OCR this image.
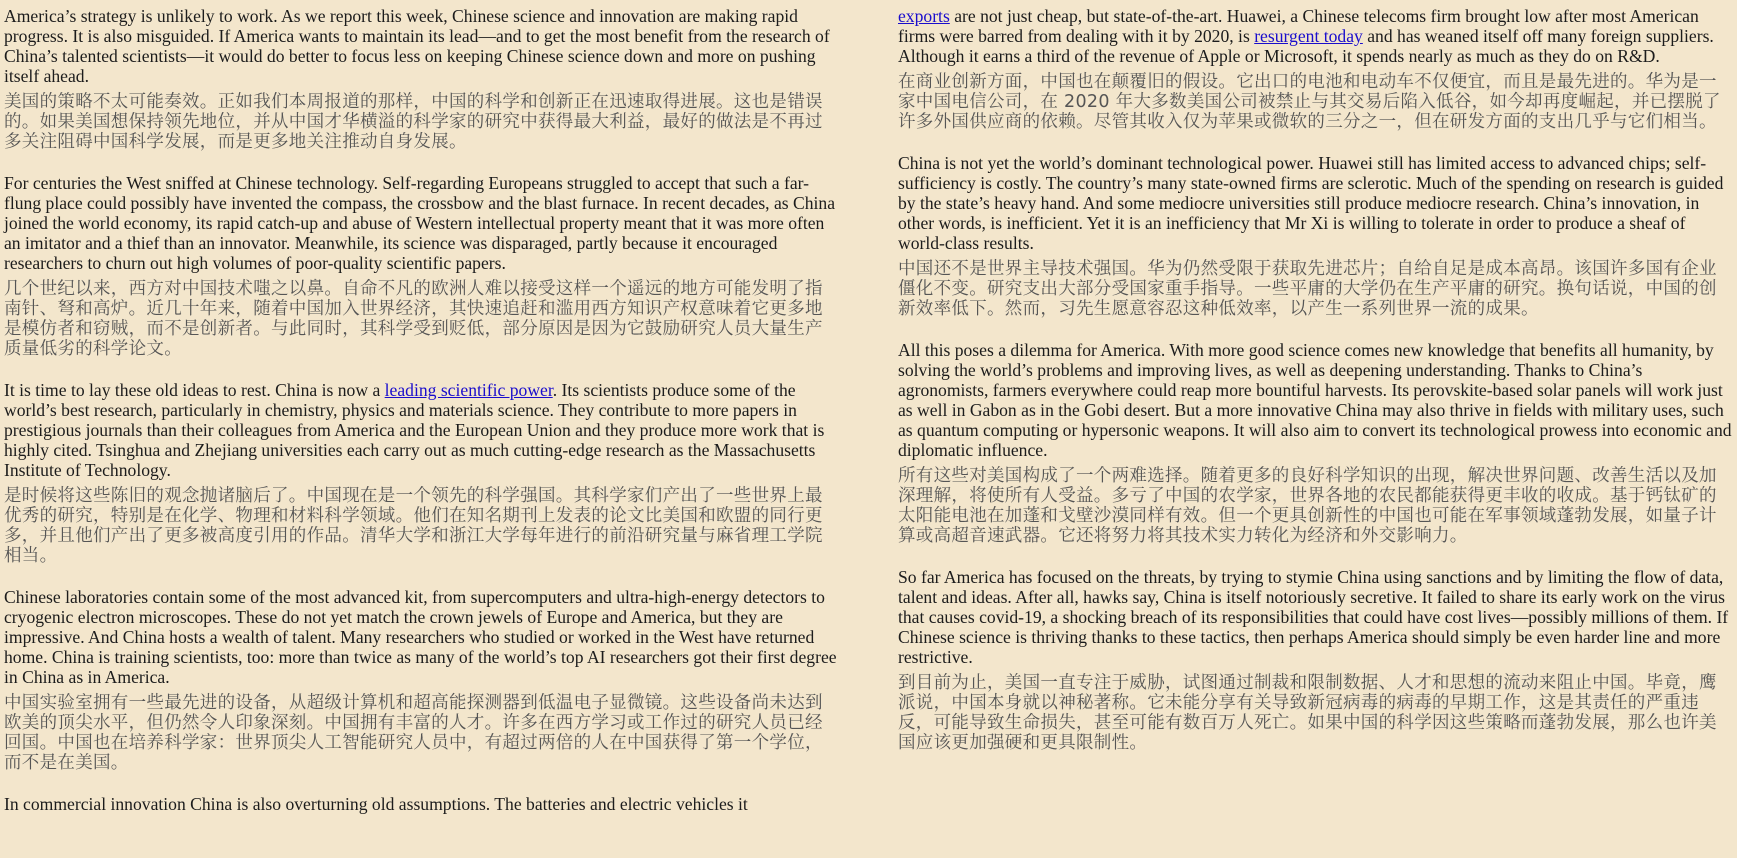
America’s strategy is unlikely to work. As we report this week, Chinese science and innovation are making rapid progress. It is also misguided. If America wants to maintain its lead—and to get the most benefit from the research of China’s talented scientists—it would do better to focus less on keeping Chinese science down and more on pushing itself ahead.

美国的策略不太可能奏效。正如我们本周报道的那样，中国的科学和创新正在迅速取得进展。这也是错误的。如果美国想保持领先地位，并从中国才华横溢的科学家的研究中获得最大利益，最好的做法是不再过多关注阻碍中国科学发展，而是更多地关注推动自身发展。

For centuries the West sniffed at Chinese technology. Self-regarding Europeans struggled to accept that such a far-flung place could possibly have invented the compass, the crossbow and the blast furnace. In recent decades, as China joined the world economy, its rapid catch-up and abuse of Western intellectual property meant that it was more often an imitator and a thief than an innovator. Meanwhile, its science was disparaged, partly because it encouraged researchers to churn out high volumes of poor-quality scientific papers.

几个世纪以来，西方对中国技术嗤之以鼻。自命不凡的欧洲人难以接受这样一个遥远的地方可能发明了指南针、弩和高炉。近几十年来，随着中国加入世界经济，其快速追赶和滥用西方知识产权意味着它更多地是模仿者和窃贼，而不是创新者。与此同时，其科学受到贬低，部分原因是因为它鼓励研究人员大量生产质量低劣的科学论文。

It is time to lay these old ideas to rest. China is now a leading scientific power. Its scientists produce some of the world’s best research, particularly in chemistry, physics and materials science. They contribute to more papers in prestigious journals than their colleagues from America and the European Union and they produce more work that is highly cited. Tsinghua and Zhejiang universities each carry out as much cutting-edge research as the Massachusetts Institute of Technology.

是时候将这些陈旧的观念抛诸脑后了。中国现在是一个领先的科学强国。其科学家们产出了一些世界上最优秀的研究，特别是在化学、物理和材料科学领域。他们在知名期刊上发表的论文比美国和欧盟的同行更多，并且他们产出了更多被高度引用的作品。清华大学和浙江大学每年进行的前沿研究量与麻省理工学院相当。

Chinese laboratories contain some of the most advanced kit, from supercomputers and ultra-high-energy detectors to cryogenic electron microscopes. These do not yet match the crown jewels of Europe and America, but they are impressive. And China hosts a wealth of talent. Many researchers who studied or worked in the West have returned home. China is training scientists, too: more than twice as many of the world’s top AI researchers got their first degree in China as in America.

中国实验室拥有一些最先进的设备，从超级计算机和超高能探测器到低温电子显微镜。这些设备尚未达到欧美的顶尖水平，但仍然令人印象深刻。中国拥有丰富的人才。许多在西方学习或工作过的研究人员已经回国。中国也在培养科学家：世界顶尖人工智能研究人员中，有超过两倍的人在中国获得了第一个学位，而不是在美国。

In commercial innovation China is also overturning old assumptions. The batteries and electric vehicles it

exports are not just cheap, but state-of-the-art. Huawei, a Chinese telecoms firm brought low after most American firms were barred from dealing with it by 2020, is resurgent today and has weaned itself off many foreign suppliers. Although it earns a third of the revenue of Apple or Microsoft, it spends nearly as much as they do on R&D.

在商业创新方面，中国也在颠覆旧的假设。它出口的电池和电动车不仅便宜，而且是最先进的。华为是一家中国电信公司，在 2020 年大多数美国公司被禁止与其交易后陷入低谷，如今却再度崛起，并已摆脱了许多外国供应商的依赖。尽管其收入仅为苹果或微软的三分之一，但在研发方面的支出几乎与它们相当。

China is not yet the world’s dominant technological power. Huawei still has limited access to advanced chips; self-sufficiency is costly. The country’s many state-owned firms are sclerotic. Much of the spending on research is guided by the state’s heavy hand. And some mediocre universities still produce mediocre research. China’s innovation, in other words, is inefficient. Yet it is an inefficiency that Mr Xi is willing to tolerate in order to produce a sheaf of world-class results.

中国还不是世界主导技术强国。华为仍然受限于获取先进芯片；自给自足是成本高昂。该国许多国有企业僵化不变。研究支出大部分受国家重手指导。一些平庸的大学仍在生产平庸的研究。换句话说，中国的创新效率低下。然而，习先生愿意容忍这种低效率，以产生一系列世界一流的成果。

All this poses a dilemma for America. With more good science comes new knowledge that benefits all humanity, by solving the world’s problems and improving lives, as well as deepening understanding. Thanks to China’s agronomists, farmers everywhere could reap more bountiful harvests. Its perovskite-based solar panels will work just as well in Gabon as in the Gobi desert. But a more innovative China may also thrive in fields with military uses, such as quantum computing or hypersonic weapons. It will also aim to convert its technological prowess into economic and diplomatic influence.

所有这些对美国构成了一个两难选择。随着更多的良好科学知识的出现，解决世界问题、改善生活以及加深理解，将使所有人受益。多亏了中国的农学家，世界各地的农民都能获得更丰收的收成。基于钙钛矿的太阳能电池在加蓬和戈壁沙漠同样有效。但一个更具创新性的中国也可能在军事领域蓬勃发展，如量子计算或高超音速武器。它还将努力将其技术实力转化为经济和外交影响力。

So far America has focused on the threats, by trying to stymie China using sanctions and by limiting the flow of data, talent and ideas. After all, hawks say, China is itself notoriously secretive. It failed to share its early work on the virus that causes covid-19, a shocking breach of its responsibilities that could have cost lives—possibly millions of them. If Chinese science is thriving thanks to these tactics, then perhaps America should simply be even harder line and more restrictive.

到目前为止，美国一直专注于威胁，试图通过制裁和限制数据、人才和思想的流动来阻止中国。毕竟，鹰派说，中国本身就以神秘著称。它未能分享有关导致新冠病毒的病毒的早期工作，这是其责任的严重违反，可能导致生命损失，甚至可能有数百万人死亡。如果中国的科学因这些策略而蓬勃发展，那么也许美国应该更加强硬和更具限制性。
